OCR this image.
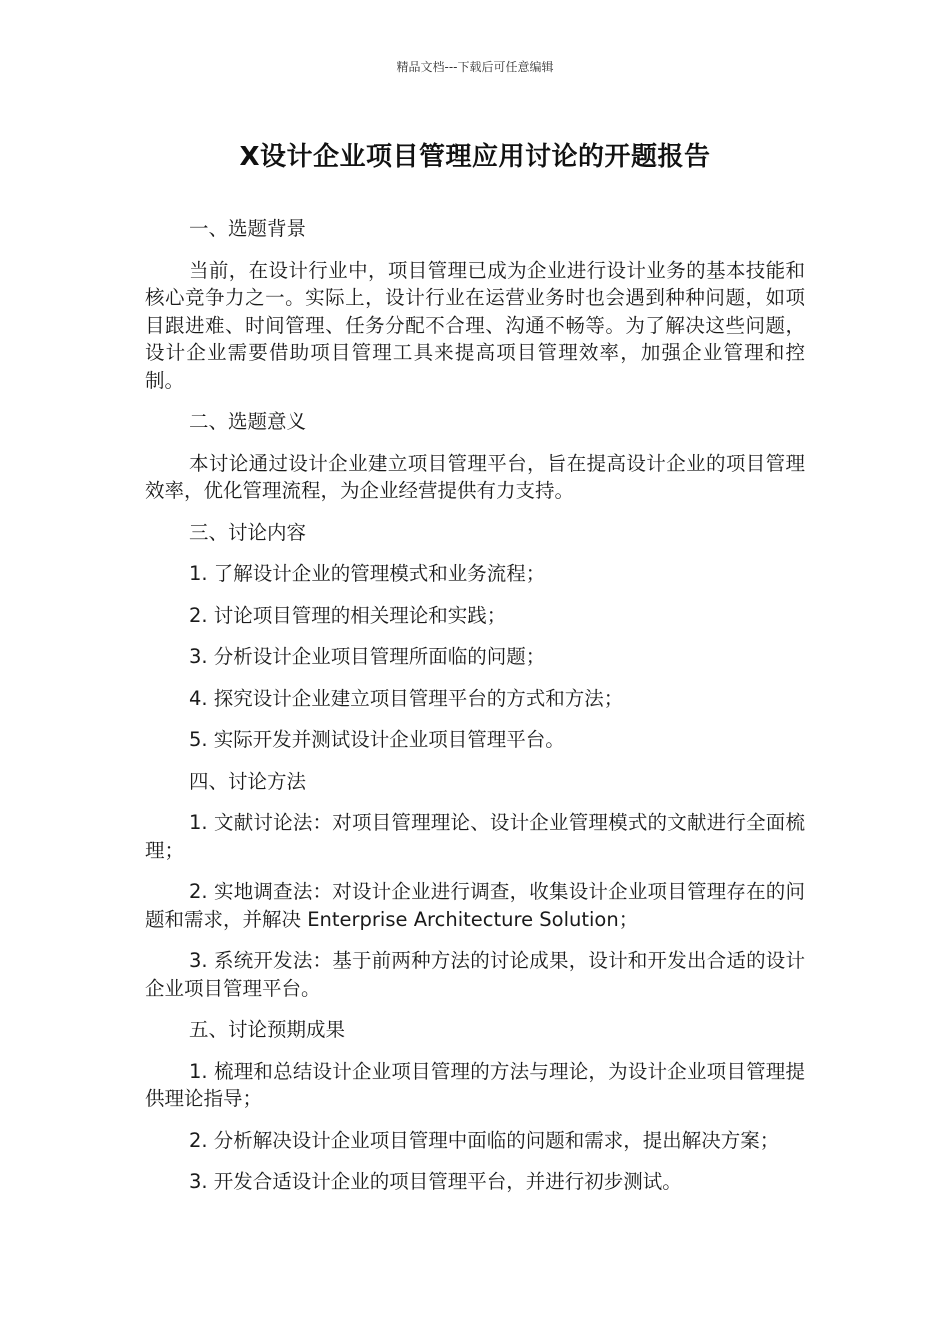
精品文档---下载后可任意编辑
X设计企业项目管理应用讨论的开题报告

一、选题背景

当前，在设计行业中，项目管理已成为企业进行设计业务的基本技能和核心竞争力之一。实际上，设计行业在运营业务时也会遇到种种问题，如项目跟进难、时间管理、任务分配不合理、沟通不畅等。为了解决这些问题，设计企业需要借助项目管理工具来提高项目管理效率，加强企业管理和控制。

二、选题意义

本讨论通过设计企业建立项目管理平台，旨在提高设计企业的项目管理效率，优化管理流程，为企业经营提供有力支持。

三、讨论内容

1. 了解设计企业的管理模式和业务流程；

2. 讨论项目管理的相关理论和实践；

3. 分析设计企业项目管理所面临的问题；

4. 探究设计企业建立项目管理平台的方式和方法；

5. 实际开发并测试设计企业项目管理平台。

四、讨论方法

1. 文献讨论法：对项目管理理论、设计企业管理模式的文献进行全面梳理；

2. 实地调查法：对设计企业进行调查，收集设计企业项目管理存在的问题和需求，并解决 Enterprise Architecture Solution；

3. 系统开发法：基于前两种方法的讨论成果，设计和开发出合适的设计企业项目管理平台。

五、讨论预期成果

1. 梳理和总结设计企业项目管理的方法与理论，为设计企业项目管理提供理论指导；

2. 分析解决设计企业项目管理中面临的问题和需求，提出解决方案；

3. 开发合适设计企业的项目管理平台，并进行初步测试。
